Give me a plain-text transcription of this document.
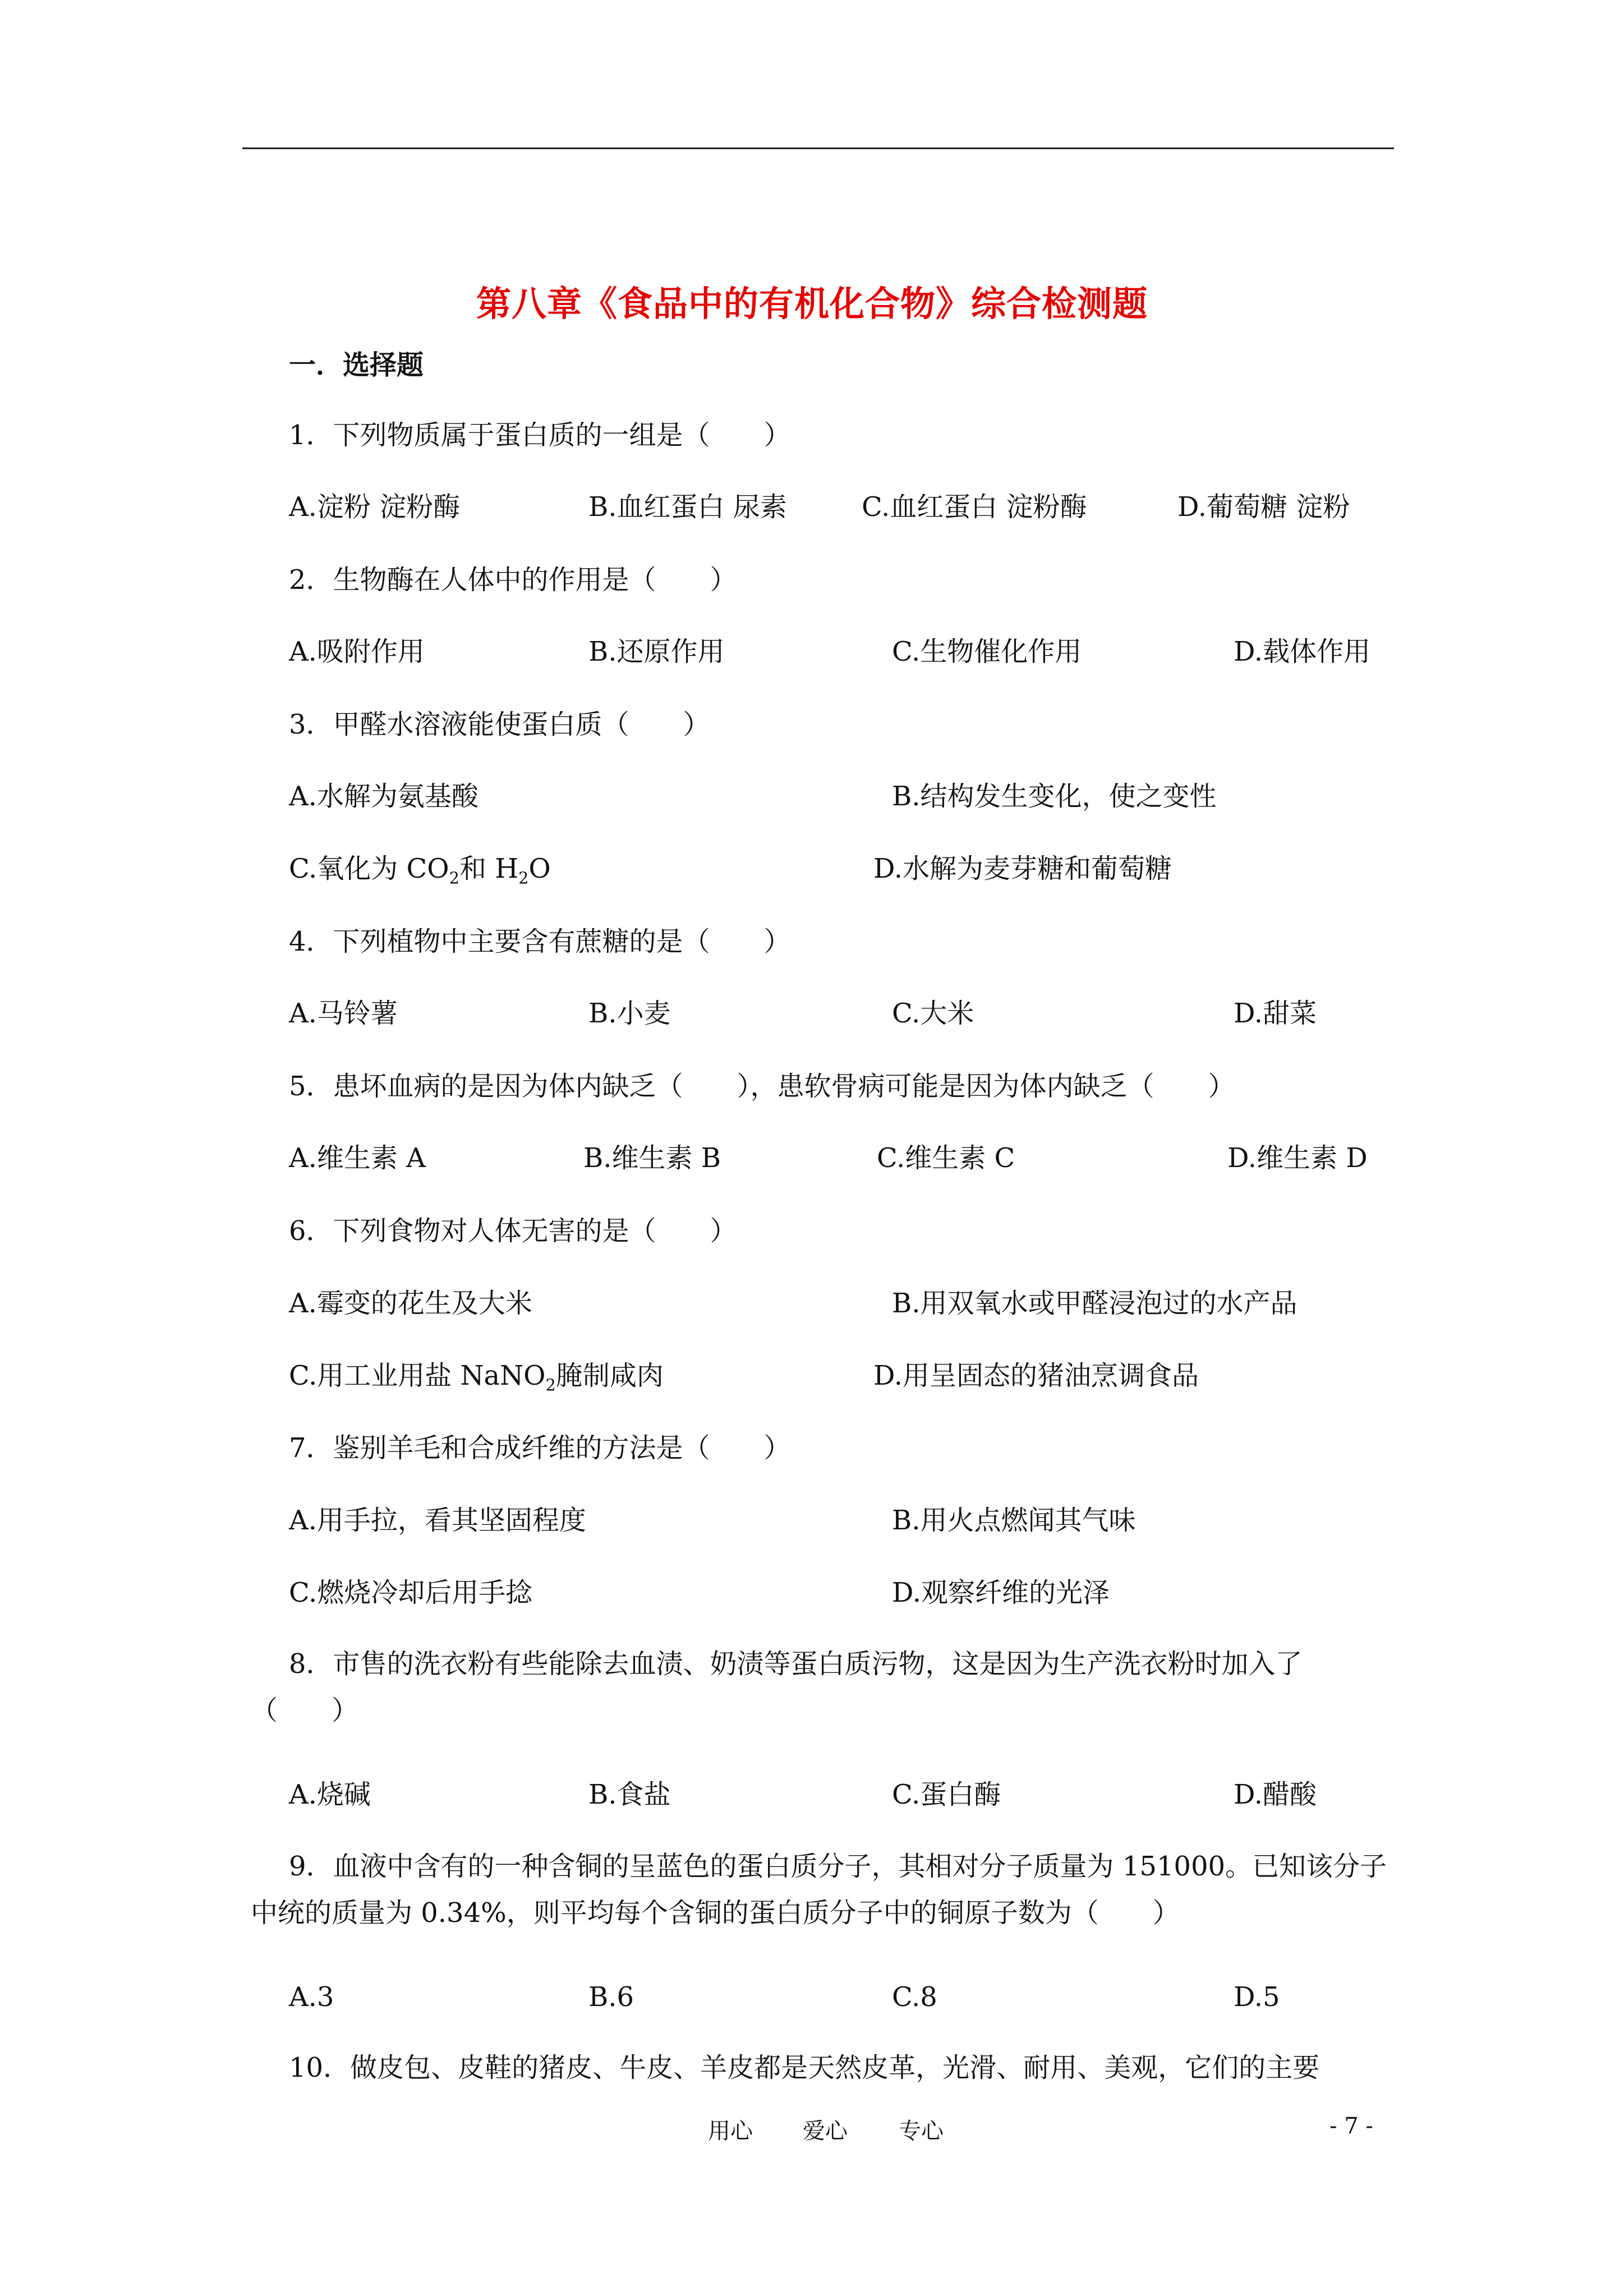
第八章《食品中的有机化合物》综合检测题
一．选择题
1．下列物质属于蛋白质的一组是（　　）
A.淀粉 淀粉酶	B.血红蛋白 尿素	C.血红蛋白 淀粉酶	D.葡萄糖 淀粉
2．生物酶在人体中的作用是（　　）
A.吸附作用	B.还原作用	C.生物催化作用	D.载体作用
3．甲醛水溶液能使蛋白质（　　）
A.水解为氨基酸	B.结构发生变化，使之变性
C.氧化为 $CO_2$和 $H_2O$	D.水解为麦芽糖和葡萄糖
4．下列植物中主要含有蔗糖的是（　　）
A.马铃薯	B.小麦	C.大米	D.甜菜
5．患坏血病的是因为体内缺乏（　　），患软骨病可能是因为体内缺乏（　　）
A.维生素 A	B.维生素 B	C.维生素 C	D.维生素 D
6．下列食物对人体无害的是（　　）
A.霉变的花生及大米	B.用双氧水或甲醛浸泡过的水产品
C.用工业用盐 NaNO$_2$腌制咸肉	D.用呈固态的猪油烹调食品
7．鉴别羊毛和合成纤维的方法是（　　）
A.用手拉，看其坚固程度	B.用火点燃闻其气味
C.燃烧冷却后用手捻	D.观察纤维的光泽
8．市售的洗衣粉有些能除去血渍、奶渍等蛋白质污物，这是因为生产洗衣粉时加入了（　　）
A.烧碱	B.食盐	C.蛋白酶	D.醋酸
9．血液中含有的一种含铜的呈蓝色的蛋白质分子，其相对分子质量为 151000。已知该分子中统的质量为 0.34%，则平均每个含铜的蛋白质分子中的铜原子数为（　　）
A.3	B.6	C.8	D.5
10．做皮包、皮鞋的猪皮、牛皮、羊皮都是天然皮革，光滑、耐用、美观，它们的主要
用心 爱心 专心	- 7 -
